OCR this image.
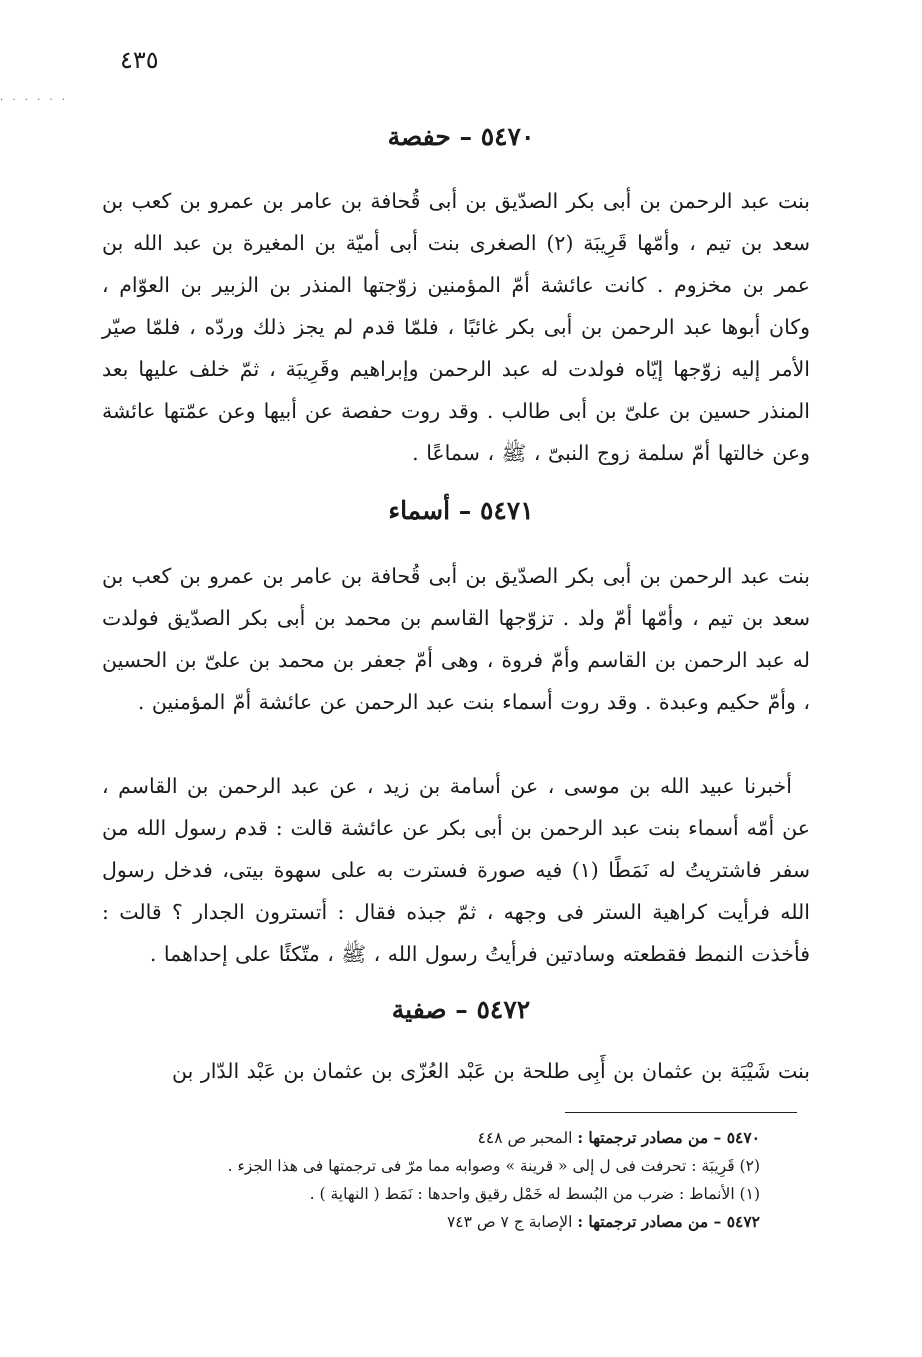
٤٣٥
. . . . . .
٥٤٧٠ – حفصة
بنت عبد الرحمن بن أبى بكر الصدّيق بن أبى قُحافة بن عامر بن عمرو بن كعب بن سعد بن تيم ، وأمّها قَرِيبَة (٢) الصغرى بنت أبى أميّة بن المغيرة بن عبد الله بن عمر بن مخزوم . كانت عائشة أمّ المؤمنين زوّجتها المنذر بن الزبير بن العوّام ، وكان أبوها عبد الرحمن بن أبى بكر غائبًا ، فلمّا قدم لم يجز ذلك وردّه ، فلمّا صيّر الأمر إليه زوّجها إيّاه فولدت له عبد الرحمن وإبراهيم وقَرِيبَة ، ثمّ خلف عليها بعد المنذر حسين بن علىّ بن أبى طالب . وقد روت حفصة عن أبيها وعن عمّتها عائشة وعن خالتها أمّ سلمة زوج النبىّ ، ﷺ ، سماعًا .
٥٤٧١ – أسماء
بنت عبد الرحمن بن أبى بكر الصدّيق بن أبى قُحافة بن عامر بن عمرو بن كعب بن سعد بن تيم ، وأمّها أمّ ولد . تزوّجها القاسم بن محمد بن أبى بكر الصدّيق فولدت له عبد الرحمن بن القاسم وأمّ فروة ، وهى أمّ جعفر بن محمد بن علىّ بن الحسين ، وأمّ حكيم وعبدة . وقد روت أسماء بنت عبد الرحمن عن عائشة أمّ المؤمنين .
أخبرنا عبيد الله بن موسى ، عن أسامة بن زيد ، عن عبد الرحمن بن القاسم ، عن أمّه أسماء بنت عبد الرحمن بن أبى بكر عن عائشة قالت : قدم رسول الله من سفر فاشتريتُ له نَمَطًا (١) فيه صورة فسترت به على سهوة بيتى، فدخل رسول الله فرأيت كراهية الستر فى وجهه ، ثمّ جبذه فقال : أتسترون الجدار ؟ قالت : فأخذت النمط فقطعته وسادتين فرأيتُ رسول الله ، ﷺ ، متّكئًا على إحداهما .
٥٤٧٢ – صفية
بنت شَيْبَة بن عثمان بن أَبِى طلحة بن عَبْد العُزّى بن عثمان بن عَبْد الدّار بن
٥٤٧٠ – من مصادر ترجمتها : المحبر ص ٤٤٨
(٢) قَرِيبَة : تحرفت فى ل إلى « قرينة » وصوابه مما مرّ فى ترجمتها فى هذا الجزء .
(١) الأنماط : ضرب من البُسط له خَمْل رقيق واحدها : نَمَط ( النهاية ) .
٥٤٧٢ – من مصادر ترجمتها : الإصابة ج ٧ ص ٧٤٣
